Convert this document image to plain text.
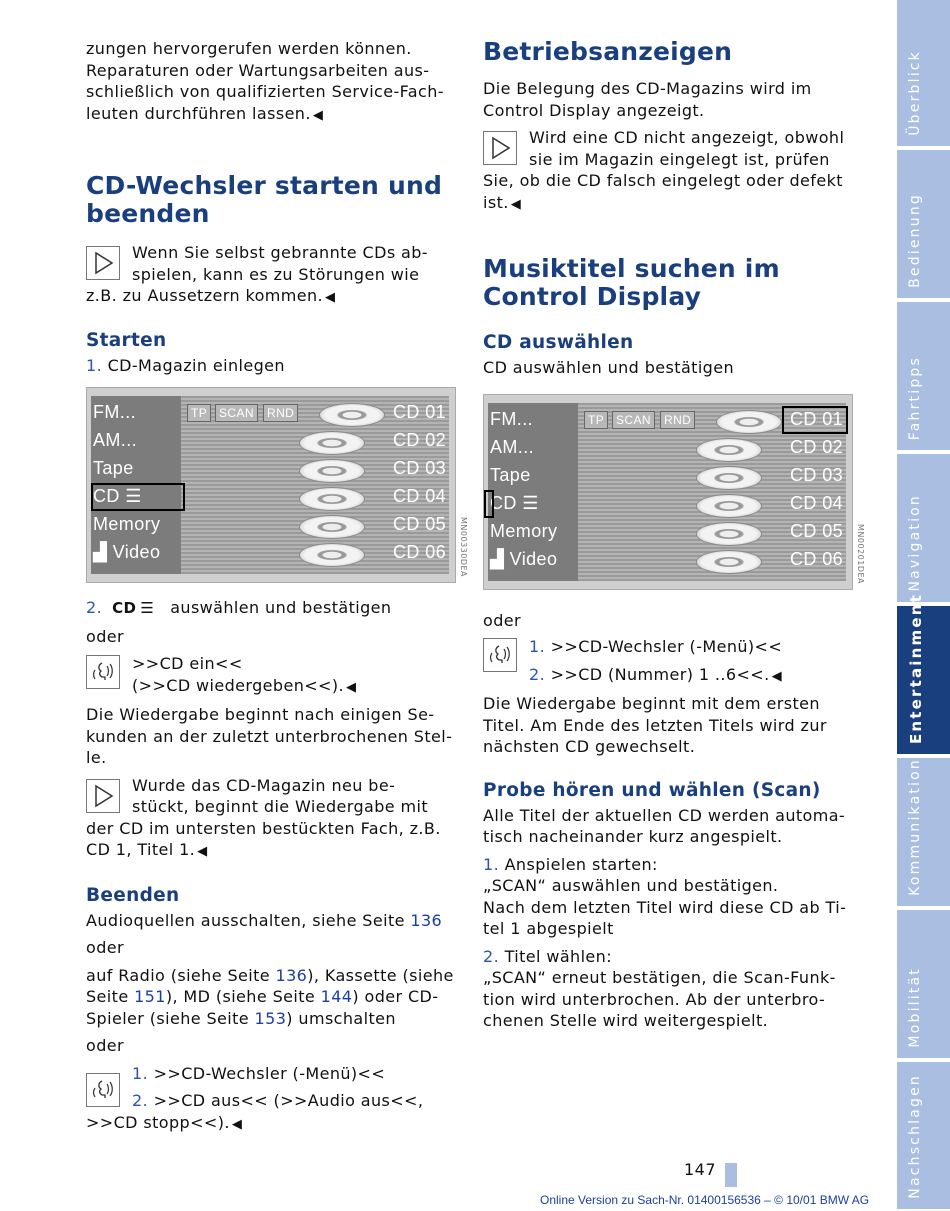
zungen hervorgerufen werden können.

Reparaturen oder Wartungsarbeiten aus-

schließlich von qualifizierten Service-Fach-

leuten durchführen lassen. ◀

CD-Wechsler starten und
beenden

Wenn Sie selbst gebrannte CDs ab-

spielen, kann es zu Störungen wie

z.B. zu Aussetzern kommen. ◀

Starten

1. CD-Magazin einlegen

FM...
AM...
Tape
CD ☰
Memory
▟ Video
TP SCAN	RND	CD 01
CD 02
CD 03
CD 04
CD 05
CD 06

2. CD ☰ auswählen und bestätigen

oder

>>CD ein<<

(>>CD wiedergeben<<). ◀

Die Wiedergabe beginnt nach einigen Se-

kunden an der zuletzt unterbrochenen Stel-

le.

Wurde das CD-Magazin neu be-

stückt, beginnt die Wiedergabe mit

der CD im untersten bestückten Fach, z.B.

CD 1, Titel 1. ◀

Beenden

Audioquellen ausschalten, siehe Seite 136

oder

auf Radio (siehe Seite 136), Kassette (siehe

Seite 151), MD (siehe Seite 144) oder CD-

Spieler (siehe Seite 153) umschalten

oder

1. >>CD-Wechsler (-Menü)<<

2. >>CD aus<< (>>Audio aus<<,

>>CD stopp<<). ◀

Betriebsanzeigen

Die Belegung des CD-Magazins wird im

Control Display angezeigt.

Wird eine CD nicht angezeigt, obwohl

sie im Magazin eingelegt ist, prüfen

Sie, ob die CD falsch eingelegt oder defekt

ist. ◀

Musiktitel suchen im
Control Display
CD auswählen

CD auswählen und bestätigen

FM...
AM...
Tape
CD ☰
Memory
▟ Video
TP SCAN	RND	CD 01
CD 02
CD 03
CD 04
CD 05
CD 06

oder

1. >>CD-Wechsler (-Menü)<<

2. >>CD (Nummer) 1 ..6<<. ◀

Die Wiedergabe beginnt mit dem ersten

Titel. Am Ende des letzten Titels wird zur

nächsten CD gewechselt.

Probe hören und wählen (Scan)

Alle Titel der aktuellen CD werden automa-

tisch nacheinander kurz angespielt.

1. Anspielen starten:

„SCAN“ auswählen und bestätigen.

Nach dem letzten Titel wird diese CD ab Ti-

tel 1 abgespielt

2. Titel wählen:

„SCAN“ erneut bestätigen, die Scan-Funk-

tion wird unterbrochen. Ab der unterbro-

chenen Stelle wird weitergespielt.

Überblick
Bedienung
Fahrtipps
Navigation
Entertainment
Kommunikation
Mobilität
Nachschlagen
147
Online Version zu Sach-Nr. 01400156536 – © 10/01 BMW AG
MN00330DEA	MN00201DEA
